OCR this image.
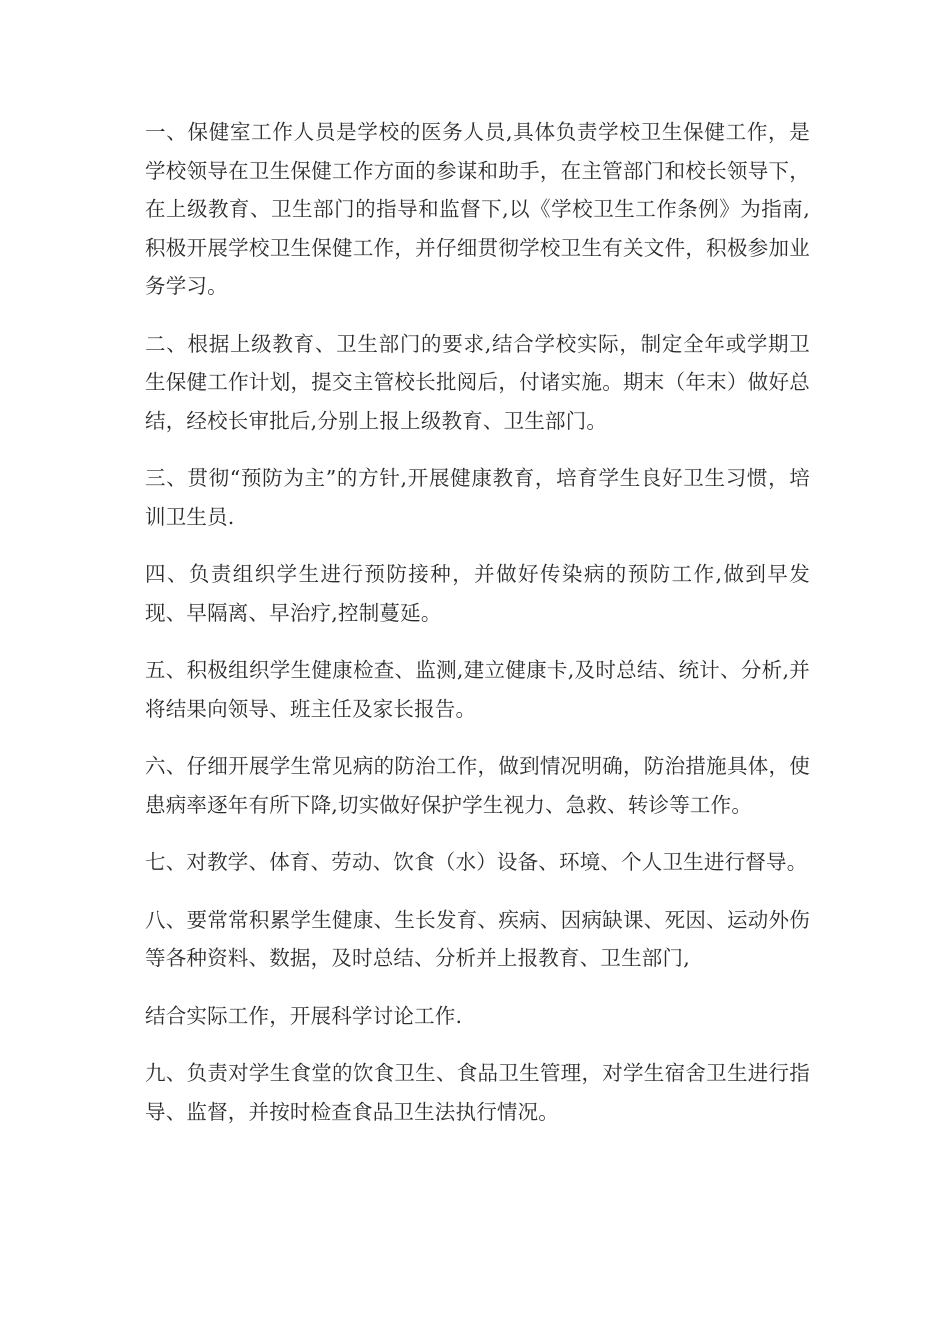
一、保健室工作人员是学校的医务人员,具体负责学校卫生保健工作，是学校领导在卫生保健工作方面的参谋和助手，在主管部门和校长领导下，在上级教育、卫生部门的指导和监督下,以《学校卫生工作条例》为指南,积极开展学校卫生保健工作，并仔细贯彻学校卫生有关文件，积极参加业务学习。

二、根据上级教育、卫生部门的要求,结合学校实际，制定全年或学期卫生保健工作计划，提交主管校长批阅后，付诸实施。期末（年末）做好总结，经校长审批后,分别上报上级教育、卫生部门。

三、贯彻“预防为主”的方针,开展健康教育，培育学生良好卫生习惯，培训卫生员.

四、负责组织学生进行预防接种，并做好传染病的预防工作,做到早发现、早隔离、早治疗,控制蔓延。

五、积极组织学生健康检查、监测,建立健康卡,及时总结、统计、分析,并将结果向领导、班主任及家长报告。

六、仔细开展学生常见病的防治工作，做到情况明确，防治措施具体，使患病率逐年有所下降,切实做好保护学生视力、急救、转诊等工作。

七、对教学、体育、劳动、饮食（水）设备、环境、个人卫生进行督导。

八、要常常积累学生健康、生长发育、疾病、因病缺课、死因、运动外伤等各种资料、数据，及时总结、分析并上报教育、卫生部门,

结合实际工作，开展科学讨论工作.

九、负责对学生食堂的饮食卫生、食品卫生管理，对学生宿舍卫生进行指导、监督，并按时检查食品卫生法执行情况。
